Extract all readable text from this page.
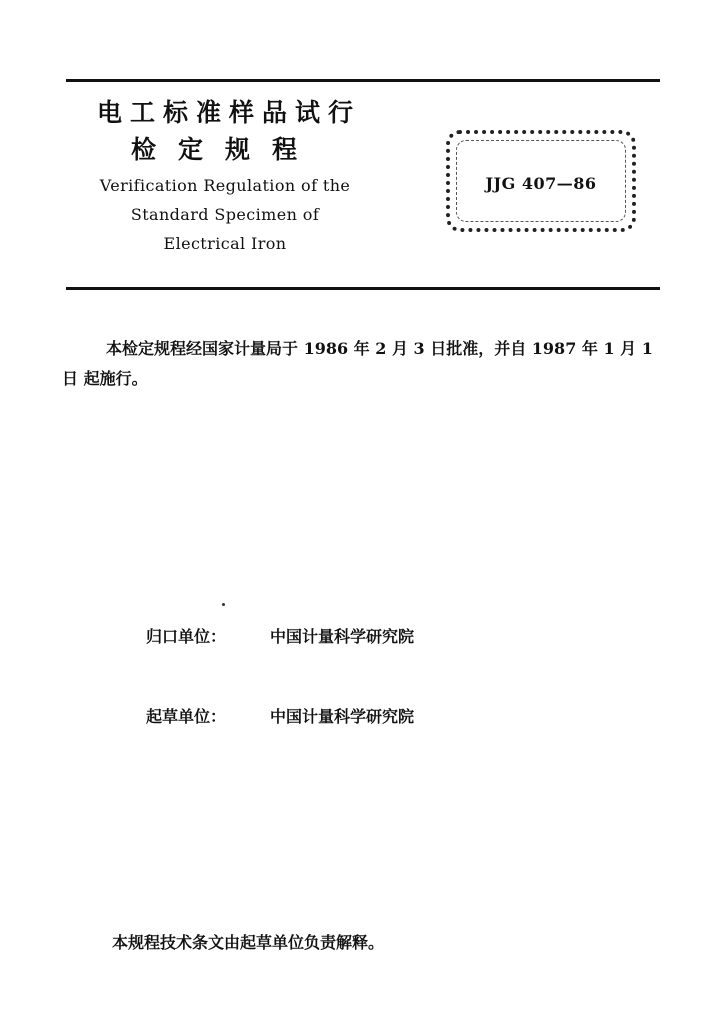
电工标准样品试行
检定规程
Verification Regulation of the
Standard Specimen of
Electrical Iron
JJG 407—86
本检定规程经国家计量局于 1986 年 2 月 3 日批准，并自 1987 年 1 月 1 日 起施行。
归口单位：	中国计量科学研究院
起草单位：	中国计量科学研究院
本规程技术条文由起草单位负责解释。
